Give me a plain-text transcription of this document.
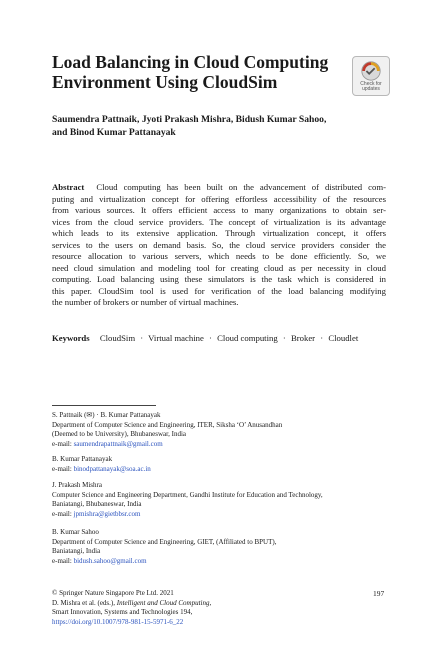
Load Balancing in Cloud Computing
Environment Using CloudSim	Check for
updates
Saumendra Pattnaik, Jyoti Prakash Mishra, Bidush Kumar Sahoo,
and Binod Kumar Pattanayak
Abstract Cloud computing has been built on the advancement of distributed com-
puting and virtualization concept for offering effortless accessibility of the resources
from various sources. It offers efficient access to many organizations to obtain ser-
vices from the cloud service providers. The concept of virtualization is its advantage
which leads to its extensive application. Through virtualization concept, it offers
services to the users on demand basis. So, the cloud service providers consider the
resource allocation to various servers, which needs to be done efficiently. So, we
need cloud simulation and modeling tool for creating cloud as per necessity in cloud
computing. Load balancing using these simulators is the task which is considered in
this paper. CloudSim tool is used for verification of the load balancing modifying
the number of brokers or number of virtual machines.
Keywords CloudSim · Virtual machine · Cloud computing · Broker · Cloudlet
S. Pattnaik (✉) · B. Kumar Pattanayak
Department of Computer Science and Engineering, ITER, Siksha ‘O’ Anusandhan
(Deemed to be University), Bhubaneswar, India
e-mail: saumendrapattnaik@gmail.com
B. Kumar Pattanayak
e-mail: binodpattanayak@soa.ac.in
J. Prakash Mishra
Computer Science and Engineering Department, Gandhi Institute for Education and Technology,
Baniatangi, Bhubaneswar, India
e-mail: jpmishra@gietbbsr.com
B. Kumar Sahoo
Department of Computer Science and Engineering, GIET, (Affiliated to BPUT),
Baniatangi, India
e-mail: bidush.sahoo@gmail.com
© Springer Nature Singapore Pte Ltd. 2021
D. Mishra et al. (eds.), Intelligent and Cloud Computing,
Smart Innovation, Systems and Technologies 194,
https://doi.org/10.1007/978-981-15-5971-6_22
197
